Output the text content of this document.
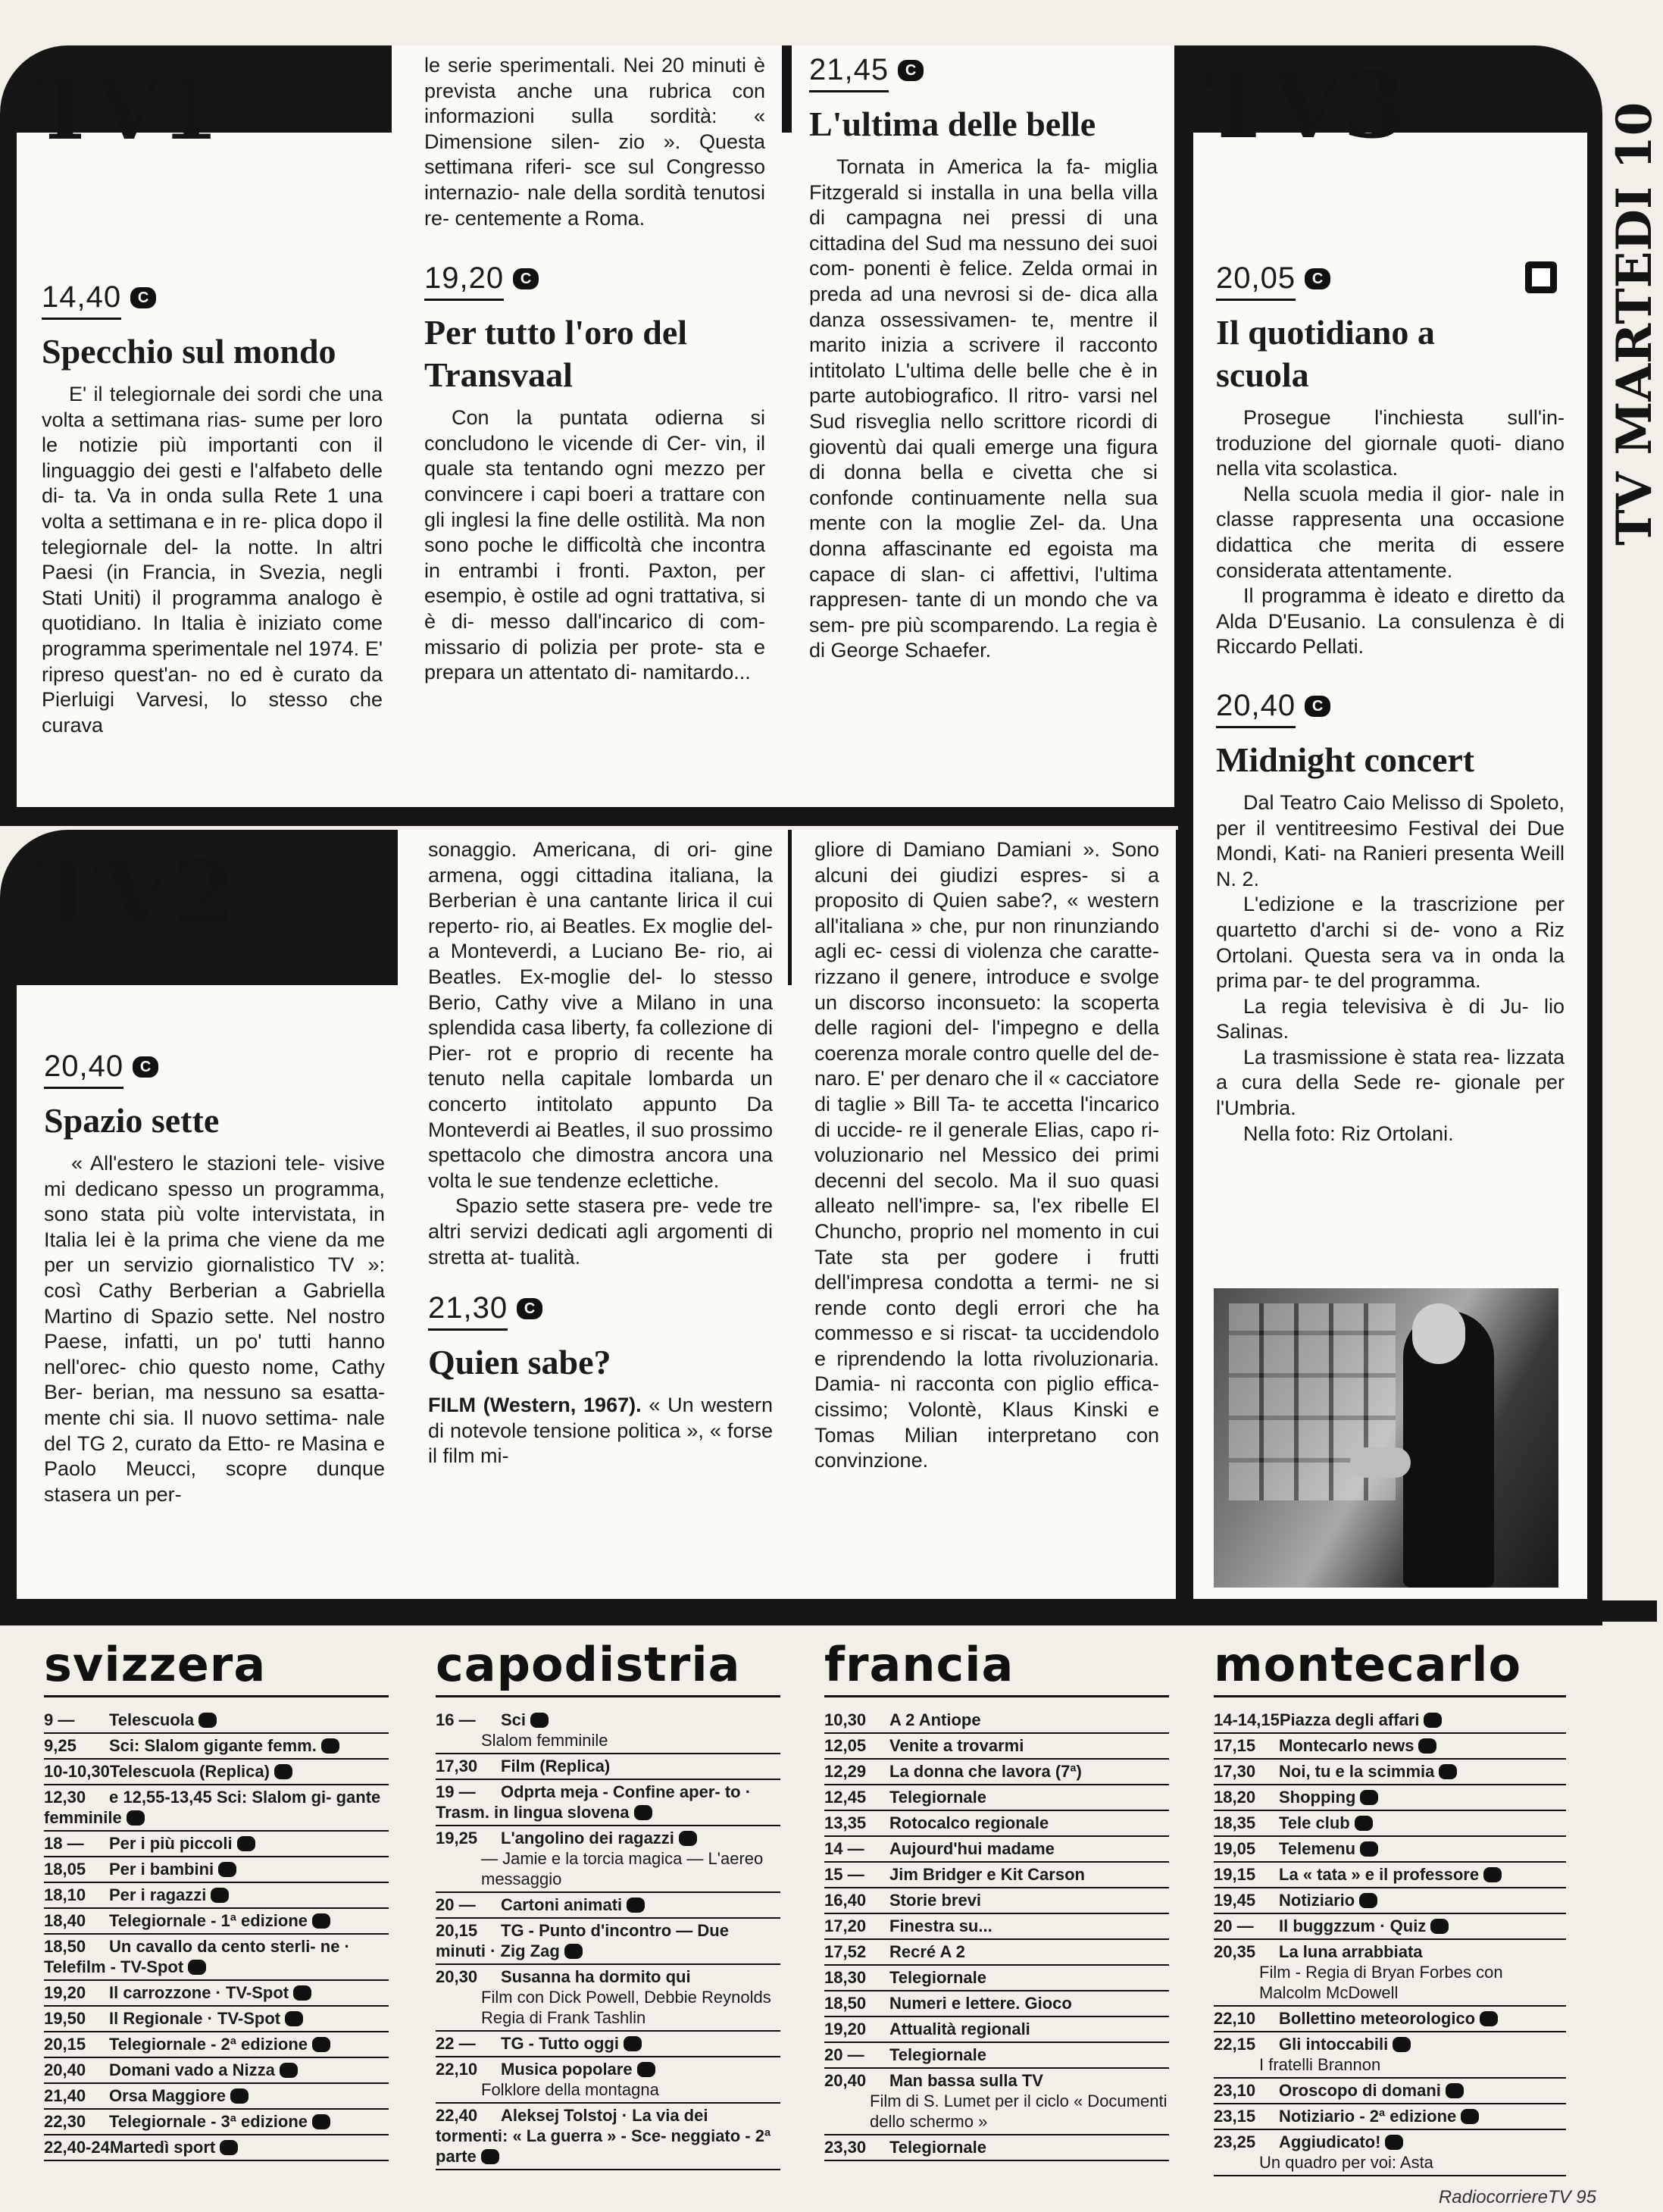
TV1
14,40 C
Specchio sul mondo

E' il telegiornale dei sordi che una volta a settimana rias- sume per loro le notizie più importanti con il linguaggio dei gesti e l'alfabeto delle di- ta. Va in onda sulla Rete 1 una volta a settimana e in re- plica dopo il telegiornale del- la notte. In altri Paesi (in Francia, in Svezia, negli Stati Uniti) il programma analogo è quotidiano. In Italia è iniziato come programma sperimentale nel 1974. E' ripreso quest'an- no ed è curato da Pierluigi Varvesi, lo stesso che curava

le serie sperimentali. Nei 20 minuti è prevista anche una rubrica con informazioni sulla sordità: « Dimensione silen- zio ». Questa settimana riferi- sce sul Congresso internazio- nale della sordità tenutosi re- centemente a Roma.

19,20 C
Per tutto l'oro del Transvaal

Con la puntata odierna si concludono le vicende di Cer- vin, il quale sta tentando ogni mezzo per convincere i capi boeri a trattare con gli inglesi la fine delle ostilità. Ma non sono poche le difficoltà che incontra in entrambi i fronti. Paxton, per esempio, è ostile ad ogni trattativa, si è di- messo dall'incarico di com- missario di polizia per prote- sta e prepara un attentato di- namitardo...

21,45 C
L'ultima delle belle

Tornata in America la fa- miglia Fitzgerald si installa in una bella villa di campagna nei pressi di una cittadina del Sud ma nessuno dei suoi com- ponenti è felice. Zelda ormai in preda ad una nevrosi si de- dica alla danza ossessivamen- te, mentre il marito inizia a scrivere il racconto intitolato L'ultima delle belle che è in parte autobiografico. Il ritro- varsi nel Sud risveglia nello scrittore ricordi di gioventù dai quali emerge una figura di donna bella e civetta che si confonde continuamente nella sua mente con la moglie Zel- da. Una donna affascinante ed egoista ma capace di slan- ci affettivi, l'ultima rappresen- tante di un mondo che va sem- pre più scomparendo. La regia è di George Schaefer.

TV2
20,40 C
Spazio sette

« All'estero le stazioni tele- visive mi dedicano spesso un programma, sono stata più volte intervistata, in Italia lei è la prima che viene da me per un servizio giornalistico TV »: così Cathy Berberian a Gabriella Martino di Spazio sette. Nel nostro Paese, infatti, un po' tutti hanno nell'orec- chio questo nome, Cathy Ber- berian, ma nessuno sa esatta- mente chi sia. Il nuovo settima- nale del TG 2, curato da Etto- re Masina e Paolo Meucci, scopre dunque stasera un per-

sonaggio. Americana, di ori- gine armena, oggi cittadina italiana, la Berberian è una cantante lirica il cui reperto- rio, ai Beatles. Ex moglie del- a Monteverdi, a Luciano Be- rio, ai Beatles. Ex-moglie del- lo stesso Berio, Cathy vive a Milano in una splendida casa liberty, fa collezione di Pier- rot e proprio di recente ha tenuto nella capitale lombarda un concerto intitolato appunto Da Monteverdi ai Beatles, il suo prossimo spettacolo che dimostra ancora una volta le sue tendenze eclettiche.

Spazio sette stasera pre- vede tre altri servizi dedicati agli argomenti di stretta at- tualità.

21,30 C
Quien sabe?

FILM (Western, 1967). « Un western di notevole tensione politica », « forse il film mi-

gliore di Damiano Damiani ». Sono alcuni dei giudizi espres- si a proposito di Quien sabe?, « western all'italiana » che, pur non rinunziando agli ec- cessi di violenza che caratte- rizzano il genere, introduce e svolge un discorso inconsueto: la scoperta delle ragioni del- l'impegno e della coerenza morale contro quelle del de- naro. E' per denaro che il « cacciatore di taglie » Bill Ta- te accetta l'incarico di uccide- re il generale Elias, capo ri- voluzionario nel Messico dei primi decenni del secolo. Ma il suo quasi alleato nell'impre- sa, l'ex ribelle El Chuncho, proprio nel momento in cui Tate sta per godere i frutti dell'impresa condotta a termi- ne si rende conto degli errori che ha commesso e si riscat- ta uccidendolo e riprendendo la lotta rivoluzionaria. Damia- ni racconta con piglio effica- cissimo; Volontè, Klaus Kinski e Tomas Milian interpretano con convinzione.

TV3
20,05 C
Il quotidiano a scuola

Prosegue l'inchiesta sull'in- troduzione del giornale quoti- diano nella vita scolastica.

Nella scuola media il gior- nale in classe rappresenta una occasione didattica che merita di essere considerata attentamente.

Il programma è ideato e diretto da Alda D'Eusanio. La consulenza è di Riccardo Pellati.

20,40 C
Midnight concert

Dal Teatro Caio Melisso di Spoleto, per il ventitreesimo Festival dei Due Mondi, Kati- na Ranieri presenta Weill N. 2.

L'edizione e la trascrizione per quartetto d'archi si de- vono a Riz Ortolani. Questa sera va in onda la prima par- te del programma.

La regia televisiva è di Ju- lio Salinas.

La trasmissione è stata rea- lizzata a cura della Sede re- gionale per l'Umbria.

Nella foto: Riz Ortolani.

TV MARTEDI 10
svizzera
9 — Telescuola
9,25 Sci: Slalom gigante femm.
10-10,30Telescuola (Replica)
12,30 e 12,55-13,45 Sci: Slalom gi- gante femminile
18 — Per i più piccoli
18,05 Per i bambini
18,10 Per i ragazzi
18,40 Telegiornale - 1ª edizione
18,50 Un cavallo da cento sterli- ne · Telefilm - TV-Spot
19,20 Il carrozzone · TV-Spot
19,50 Il Regionale · TV-Spot
20,15 Telegiornale - 2ª edizione
20,40 Domani vado a Nizza
21,40 Orsa Maggiore
22,30 Telegiornale - 3ª edizione
22,40-24Martedì sport
capodistria
16 — Sci
Slalom femminile
17,30 Film (Replica)
19 — Odprta meja - Confine aper- to · Trasm. in lingua slovena
19,25 L'angolino dei ragazzi
— Jamie e la torcia magica — L'aereo messaggio
20 — Cartoni animati
20,15 TG - Punto d'incontro — Due minuti · Zig Zag
20,30 Susanna ha dormito qui
Film con Dick Powell, Debbie Reynolds Regia di Frank Tashlin
22 — TG - Tutto oggi
22,10 Musica popolare
Folklore della montagna
22,40 Aleksej Tolstoj · La via dei tormenti: « La guerra » - Sce- neggiato - 2ª parte
francia
10,30 A 2 Antiope
12,05 Venite a trovarmi
12,29 La donna che lavora (7ª)
12,45 Telegiornale
13,35 Rotocalco regionale
14 — Aujourd'hui madame
15 — Jim Bridger e Kit Carson
16,40 Storie brevi
17,20 Finestra su...
17,52 Recré A 2
18,30 Telegiornale
18,50 Numeri e lettere. Gioco
19,20 Attualità regionali
20 — Telegiornale
20,40 Man bassa sulla TV
Film di S. Lumet per il ciclo « Documenti dello schermo »
23,30 Telegiornale
montecarlo
14-14,15Piazza degli affari
17,15 Montecarlo news
17,30 Noi, tu e la scimmia
18,20 Shopping
18,35 Tele club
19,05 Telemenu
19,15 La « tata » e il professore
19,45 Notiziario
20 — Il buggzzum · Quiz
20,35 La luna arrabbiata
Film - Regia di Bryan Forbes con Malcolm McDowell
22,10 Bollettino meteorologico
22,15 Gli intoccabili
I fratelli Brannon
23,10 Oroscopo di domani
23,15 Notiziario - 2ª edizione
23,25 Aggiudicato!
Un quadro per voi: Asta
RadiocorriereTV 95
